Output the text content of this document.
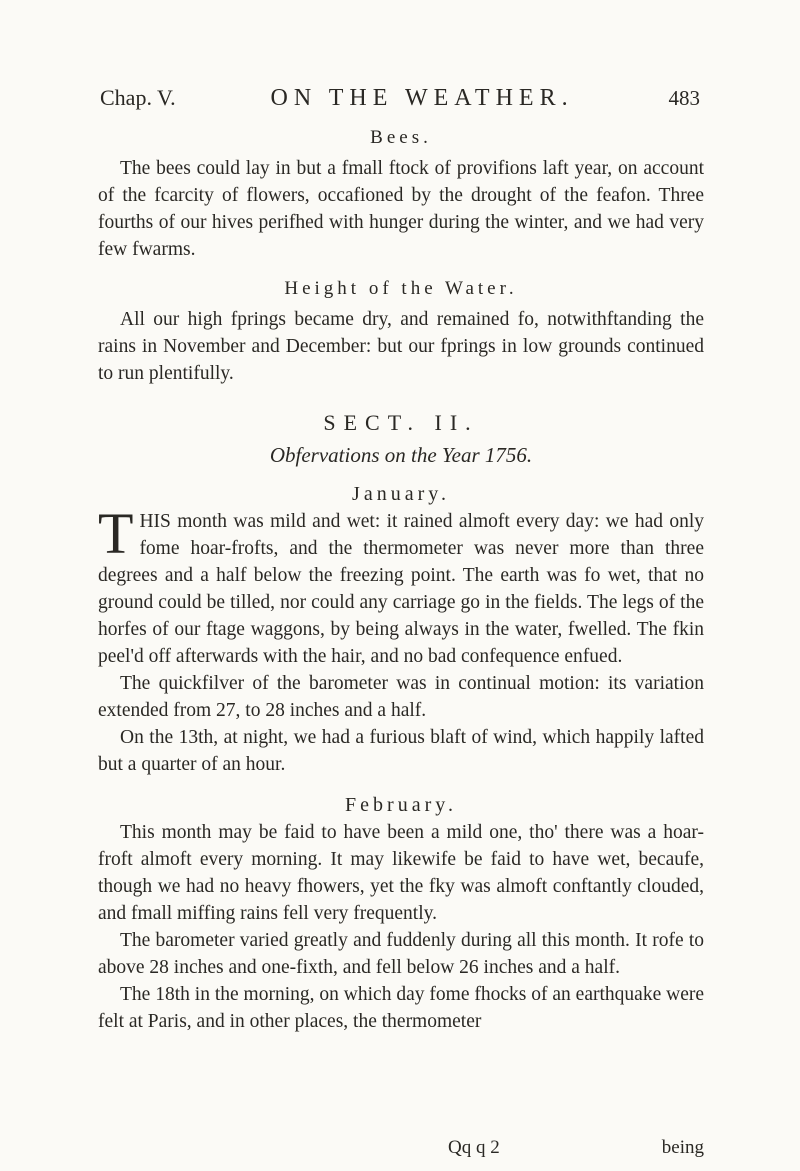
Chap. V.	ON THE WEATHER.	483
Bees.

The bees could lay in but a fmall ftock of provifions laft year, on account of the fcarcity of flowers, occafioned by the drought of the feafon. Three fourths of our hives perifhed with hunger during the winter, and we had very few fwarms.

Height of the Water.

All our high fprings became dry, and remained fo, notwithftanding the rains in November and December: but our fprings in low grounds continued to run plentifully.

SECT. II.
Obfervations on the Year 1756.
January.

THIS month was mild and wet: it rained almoft every day: we had only fome hoar-frofts, and the thermometer was never more than three degrees and a half below the freezing point. The earth was fo wet, that no ground could be tilled, nor could any carriage go in the fields. The legs of the horfes of our ftage waggons, by being always in the water, fwelled. The fkin peel'd off afterwards with the hair, and no bad confequence enfued.

The quickfilver of the barometer was in continual motion: its variation extended from 27, to 28 inches and a half.

On the 13th, at night, we had a furious blaft of wind, which happily lafted but a quarter of an hour.

February.

This month may be faid to have been a mild one, tho' there was a hoar-froft almoft every morning. It may likewife be faid to have wet, becaufe, though we had no heavy fhowers, yet the fky was almoft conftantly clouded, and fmall miffing rains fell very frequently.

The barometer varied greatly and fuddenly during all this month. It rofe to above 28 inches and one-fixth, and fell below 26 inches and a half.

The 18th in the morning, on which day fome fhocks of an earthquake were felt at Paris, and in other places, the thermometer

Qq q 2	being
